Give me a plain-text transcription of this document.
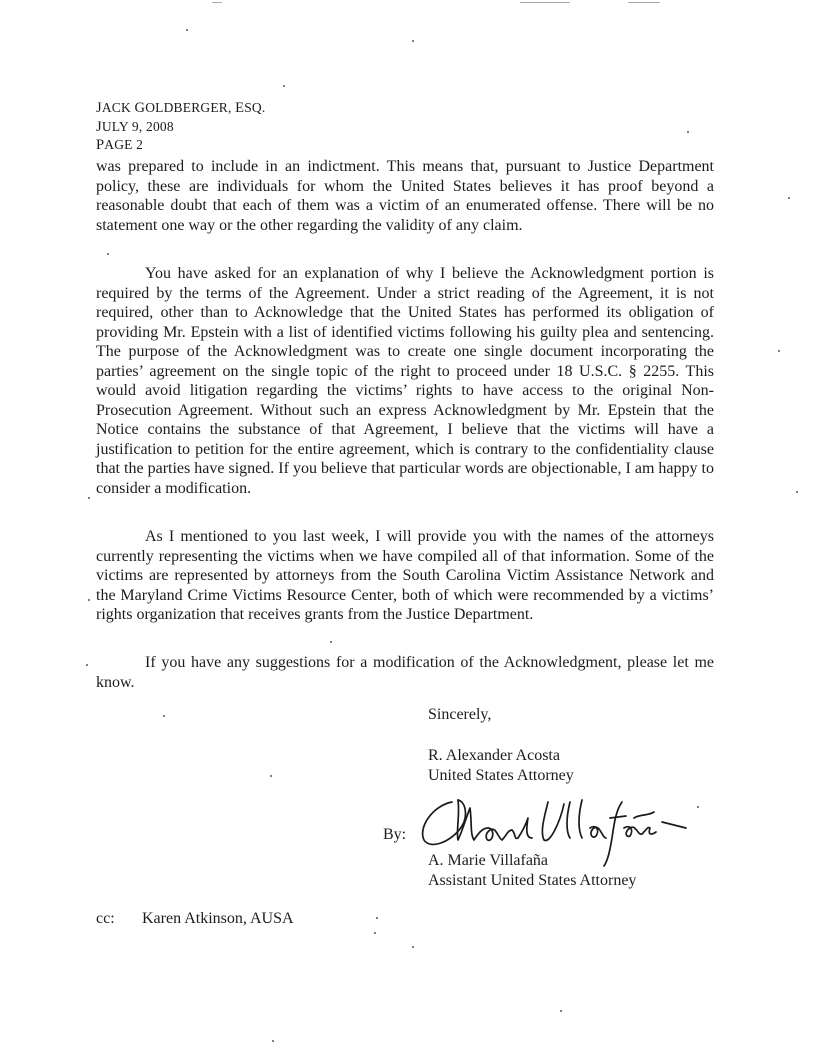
JACK GOLDBERGER, ESQ.
JULY 9, 2008
PAGE 2

was prepared to include in an indictment. This means that, pursuant to Justice Department policy, these are individuals for whom the United States believes it has proof beyond a reasonable doubt that each of them was a victim of an enumerated offense. There will be no statement one way or the other regarding the validity of any claim.

You have asked for an explanation of why I believe the Acknowledgment portion is required by the terms of the Agreement. Under a strict reading of the Agreement, it is not required, other than to Acknowledge that the United States has performed its obligation of providing Mr. Epstein with a list of identified victims following his guilty plea and sentencing. The purpose of the Acknowledgment was to create one single document incorporating the parties’ agreement on the single topic of the right to proceed under 18 U.S.C. § 2255. This would avoid litigation regarding the victims’ rights to have access to the original Non-Prosecution Agreement. Without such an express Acknowledgment by Mr. Epstein that the Notice contains the substance of that Agreement, I believe that the victims will have a justification to petition for the entire agreement, which is contrary to the confidentiality clause that the parties have signed. If you believe that particular words are objectionable, I am happy to consider a modification.

As I mentioned to you last week, I will provide you with the names of the attorneys currently representing the victims when we have compiled all of that information. Some of the victims are represented by attorneys from the South Carolina Victim Assistance Network and the Maryland Crime Victims Resource Center, both of which were recommended by a victims’ rights organization that receives grants from the Justice Department.

If you have any suggestions for a modification of the Acknowledgment, please let me know.

Sincerely,
R. Alexander Acosta
United States Attorney
By:
A. Marie Villafaña
Assistant United States Attorney
cc: Karen Atkinson, AUSA
